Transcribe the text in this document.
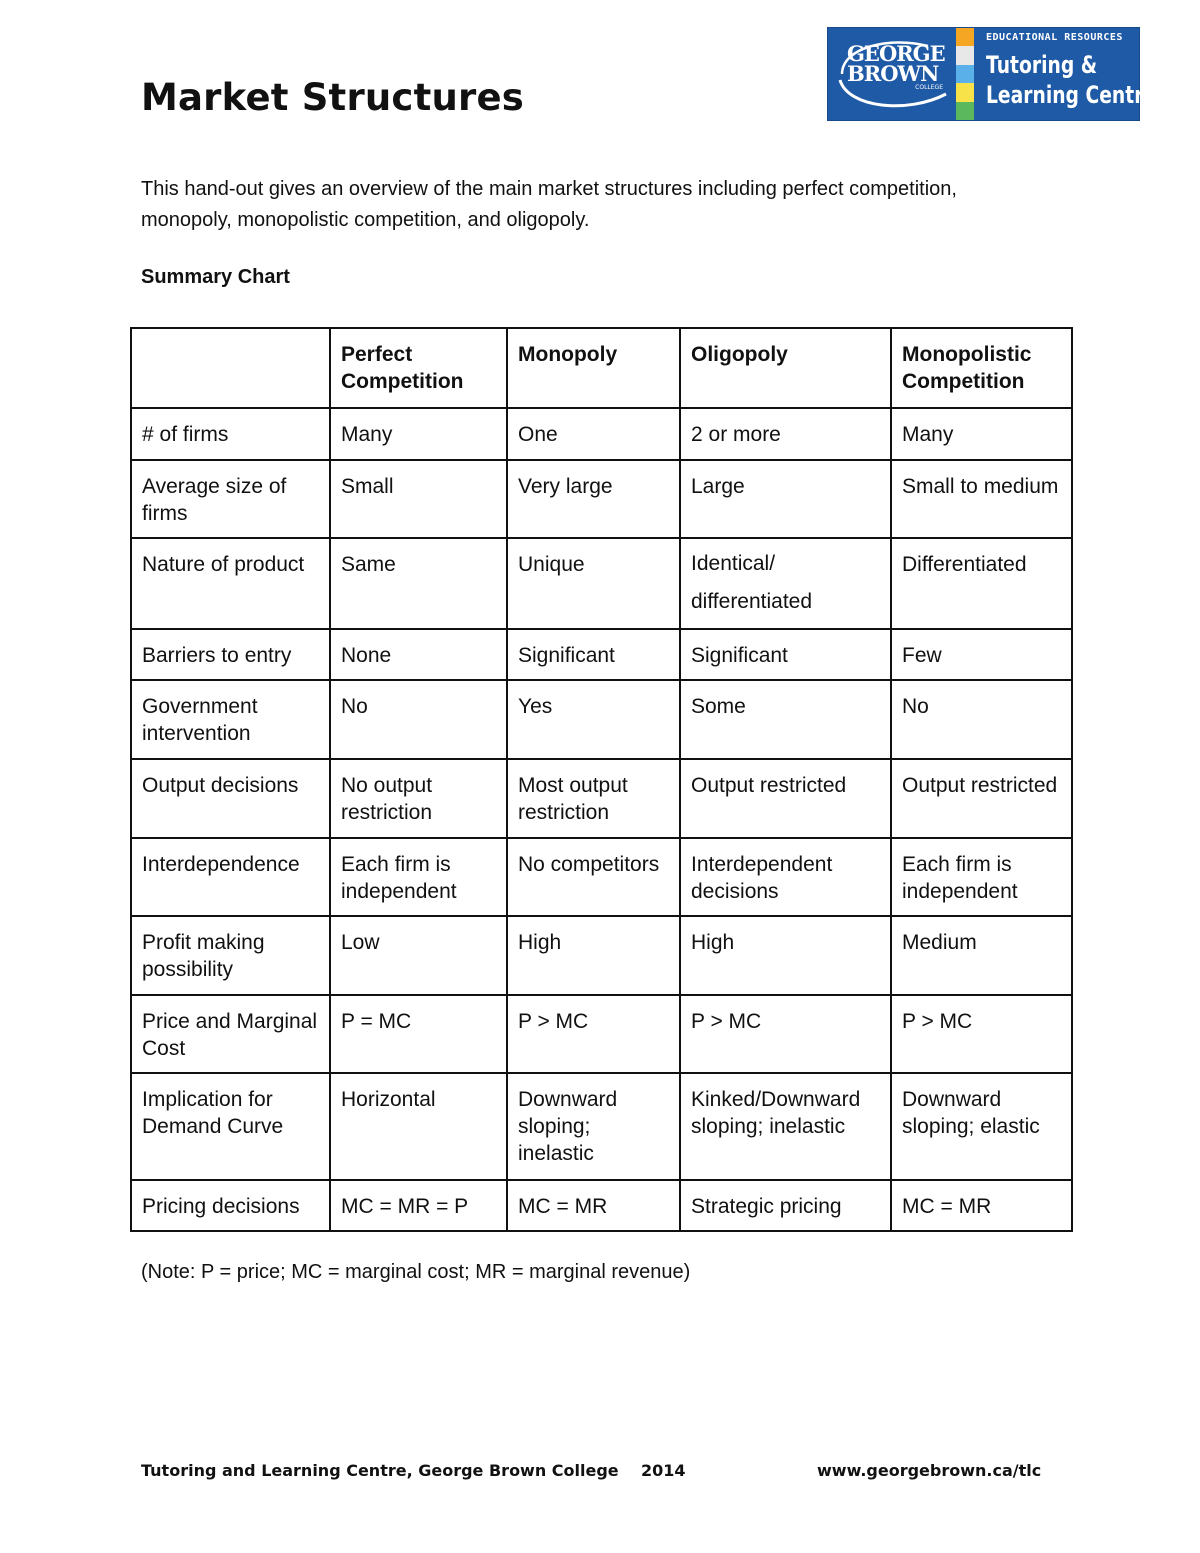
Market Structures
GEORGE
BROWN
COLLEGE
EDUCATIONAL RESOURCES
Tutoring &
Learning Centre

This hand-out gives an overview of the main market structures including perfect competition, monopoly, monopolistic competition, and oligopoly.

Summary Chart

	Perfect Competition	Monopoly	Oligopoly	Monopolistic Competition
# of firms	Many	One	2 or more	Many
Average size of firms	Small	Very large	Large	Small to medium
Nature of product	Same	Unique	Identical/ differentiated	Differentiated
Barriers to entry	None	Significant	Significant	Few
Government intervention	No	Yes	Some	No
Output decisions	No output restriction	Most output restriction	Output restricted	Output restricted
Interdependence	Each firm is independent	No competitors	Interdependent decisions	Each firm is independent
Profit making possibility	Low	High	High	Medium
Price and Marginal Cost	P = MC	P > MC	P > MC	P > MC
Implication for Demand Curve	Horizontal	Downward sloping; inelastic	Kinked/Downward sloping; inelastic	Downward sloping; elastic
Pricing decisions	MC = MR = P	MC = MR	Strategic pricing	MC = MR

(Note: P = price; MC = marginal cost; MR = marginal revenue)

Tutoring and Learning Centre, George Brown College    2014	www.georgebrown.ca/tlc
